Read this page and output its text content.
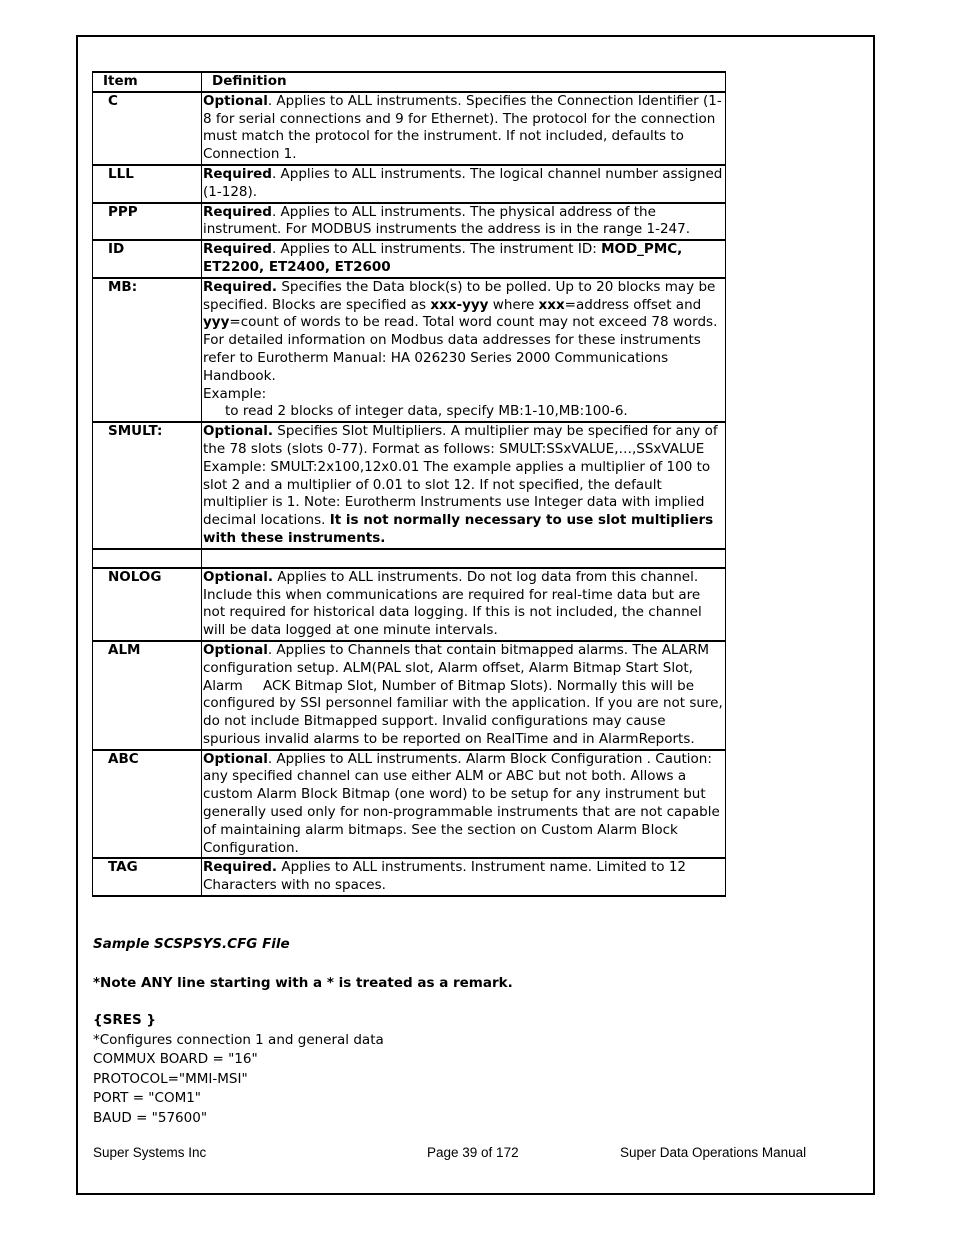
Item	Definition
C	Optional. Applies to ALL instruments. Specifies the Connection Identifier (1-8 for serial connections and 9 for Ethernet). The protocol for the connection must match the protocol for the instrument. If not included, defaults to Connection 1.
LLL	Required. Applies to ALL instruments. The logical channel number assigned (1-128).
PPP	Required. Applies to ALL instruments. The physical address of the instrument. For MODBUS instruments the address is in the range 1-247.
ID	Required. Applies to ALL instruments. The instrument ID: MOD_PMC, ET2200, ET2400, ET2600
MB:	Required. Specifies the Data block(s) to be polled. Up to 20 blocks may be specified. Blocks are specified as xxx-yyy where xxx=address offset and yyy=count of words to be read. Total word count may not exceed 78 words. For detailed information on Modbus data addresses for these instruments refer to Eurotherm Manual: HA 026230 Series 2000 Communications Handbook.
Example:
to read 2 blocks of integer data, specify MB:1-10,MB:100-6.
SMULT:	Optional. Specifies Slot Multipliers. A multiplier may be specified for any of the 78 slots (slots 0-77). Format as follows: SMULT:SSxVALUE,…,SSxVALUE Example: SMULT:2x100,12x0.01 The example applies a multiplier of 100 to slot 2 and a multiplier of 0.01 to slot 12. If not specified, the default multiplier is 1. Note: Eurotherm Instruments use Integer data with implied decimal locations. It is not normally necessary to use slot multipliers with these instruments.

NOLOG	Optional. Applies to ALL instruments. Do not log data from this channel. Include this when communications are required for real-time data but are not required for historical data logging. If this is not included, the channel will be data logged at one minute intervals.
ALM	Optional. Applies to Channels that contain bitmapped alarms. The ALARM configuration setup. ALM(PAL slot, Alarm offset, Alarm Bitmap Start Slot, Alarm ACK Bitmap Slot, Number of Bitmap Slots). Normally this will be configured by SSI personnel familiar with the application. If you are not sure, do not include Bitmapped support. Invalid configurations may cause spurious invalid alarms to be reported on RealTime and in AlarmReports.
ABC	Optional. Applies to ALL instruments. Alarm Block Configuration . Caution: any specified channel can use either ALM or ABC but not both. Allows a custom Alarm Block Bitmap (one word) to be setup for any instrument but generally used only for non-programmable instruments that are not capable of maintaining alarm bitmaps. See the section on Custom Alarm Block Configuration.
TAG	Required. Applies to ALL instruments. Instrument name. Limited to 12 Characters with no spaces.
Sample SCSPSYS.CFG File
*Note ANY line starting with a * is treated as a remark.
{SRES }
*Configures connection 1 and general data
COMMUX BOARD = "16"
PROTOCOL="MMI-MSI"
PORT = "COM1"
BAUD = "57600"
Super Systems Inc	Page 39 of 172	Super Data Operations Manual
